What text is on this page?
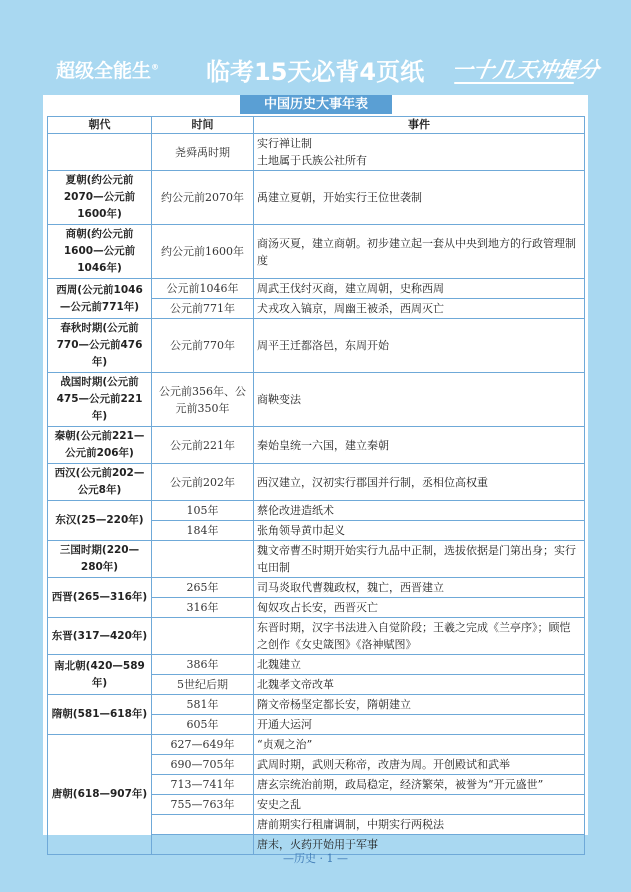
超级全能生® 临考15天必背4页纸 一十几天冲提分
中国历史大事年表
朝代	时间	事件
	尧舜禹时期	实行禅让制
土地属于氏族公社所有

夏朝(约公元前2070—公元前1600年)	约公元前2070年	禹建立夏朝，开始实行王位世袭制

商朝(约公元前1600—公元前1046年)	约公元前1600年	商汤灭夏，建立商朝。初步建立起一套从中央到地方的行政管理制度

西周(公元前1046—公元前771年)	公元前1046年	周武王伐纣灭商，建立周朝，史称西周

	公元前771年	犬戎攻入镐京，周幽王被杀，西周灭亡

春秋时期(公元前770—公元前476年)	公元前770年	周平王迁都洛邑，东周开始

战国时期(公元前475—公元前221年)	公元前356年、公元前350年	商鞅变法

秦朝(公元前221—公元前206年)	公元前221年	秦始皇统一六国，建立秦朝

西汉(公元前202—公元8年)	公元前202年	西汉建立，汉初实行郡国并行制，丞相位高权重

东汉(25—220年)	105年	蔡伦改进造纸术

	184年	张角领导黄巾起义

三国时期(220—280年)		魏文帝曹丕时期开始实行九品中正制，选拔依据是门第出身；实行屯田制

西晋(265—316年)	265年	司马炎取代曹魏政权，魏亡，西晋建立

	316年	匈奴攻占长安，西晋灭亡

东晋(317—420年)		东晋时期，汉字书法进入自觉阶段；王羲之完成《兰亭序》；顾恺之创作《女史箴图》《洛神赋图》

南北朝(420—589年)	386年	北魏建立

	5世纪后期	北魏孝文帝改革

隋朝(581—618年)	581年	隋文帝杨坚定都长安，隋朝建立

	605年	开通大运河

唐朝(618—907年)	627—649年	“贞观之治”

	690—705年	武周时期，武则天称帝，改唐为周。开创殿试和武举

	713—741年	唐玄宗统治前期，政局稳定，经济繁荣，被誉为“开元盛世”

	755—763年	安史之乱

		唐前期实行租庸调制，中期实行两税法

		唐末，火药开始用于军事
—历史 · 1 —
